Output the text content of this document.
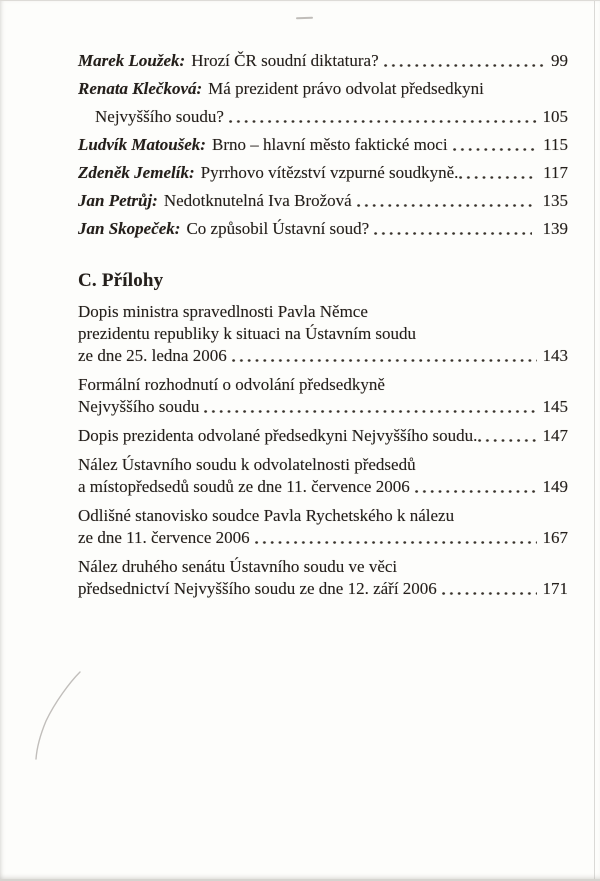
Marek Loužek: Hrozí ČR soudní diktatura?	99
Renata Klečková: Má prezident právo odvolat předsedkyni
Nejvyššího soudu?	105
Ludvík Matoušek: Brno – hlavní město faktické moci	115
Zdeněk Jemelík: Pyrrhovo vítězství vzpurné soudkyně.	117
Jan Petrůj: Nedotknutelná Iva Brožová	135
Jan Skopeček: Co způsobil Ústavní soud?	139
C. Přílohy
Dopis ministra spravedlnosti Pavla Němce
prezidentu republiky k situaci na Ústavním soudu
ze dne 25. ledna 2006	143
Formální rozhodnutí o odvolání předsedkyně
Nejvyššího soudu	145
Dopis prezidenta odvolané předsedkyni Nejvyššího soudu.	147
Nález Ústavního soudu k odvolatelnosti předsedů
a místopředsedů soudů ze dne 11. července 2006	149
Odlišné stanovisko soudce Pavla Rychetského k nálezu
ze dne 11. července 2006	167
Nález druhého senátu Ústavního soudu ve věci
předsednictví Nejvyššího soudu ze dne 12. září 2006	171
